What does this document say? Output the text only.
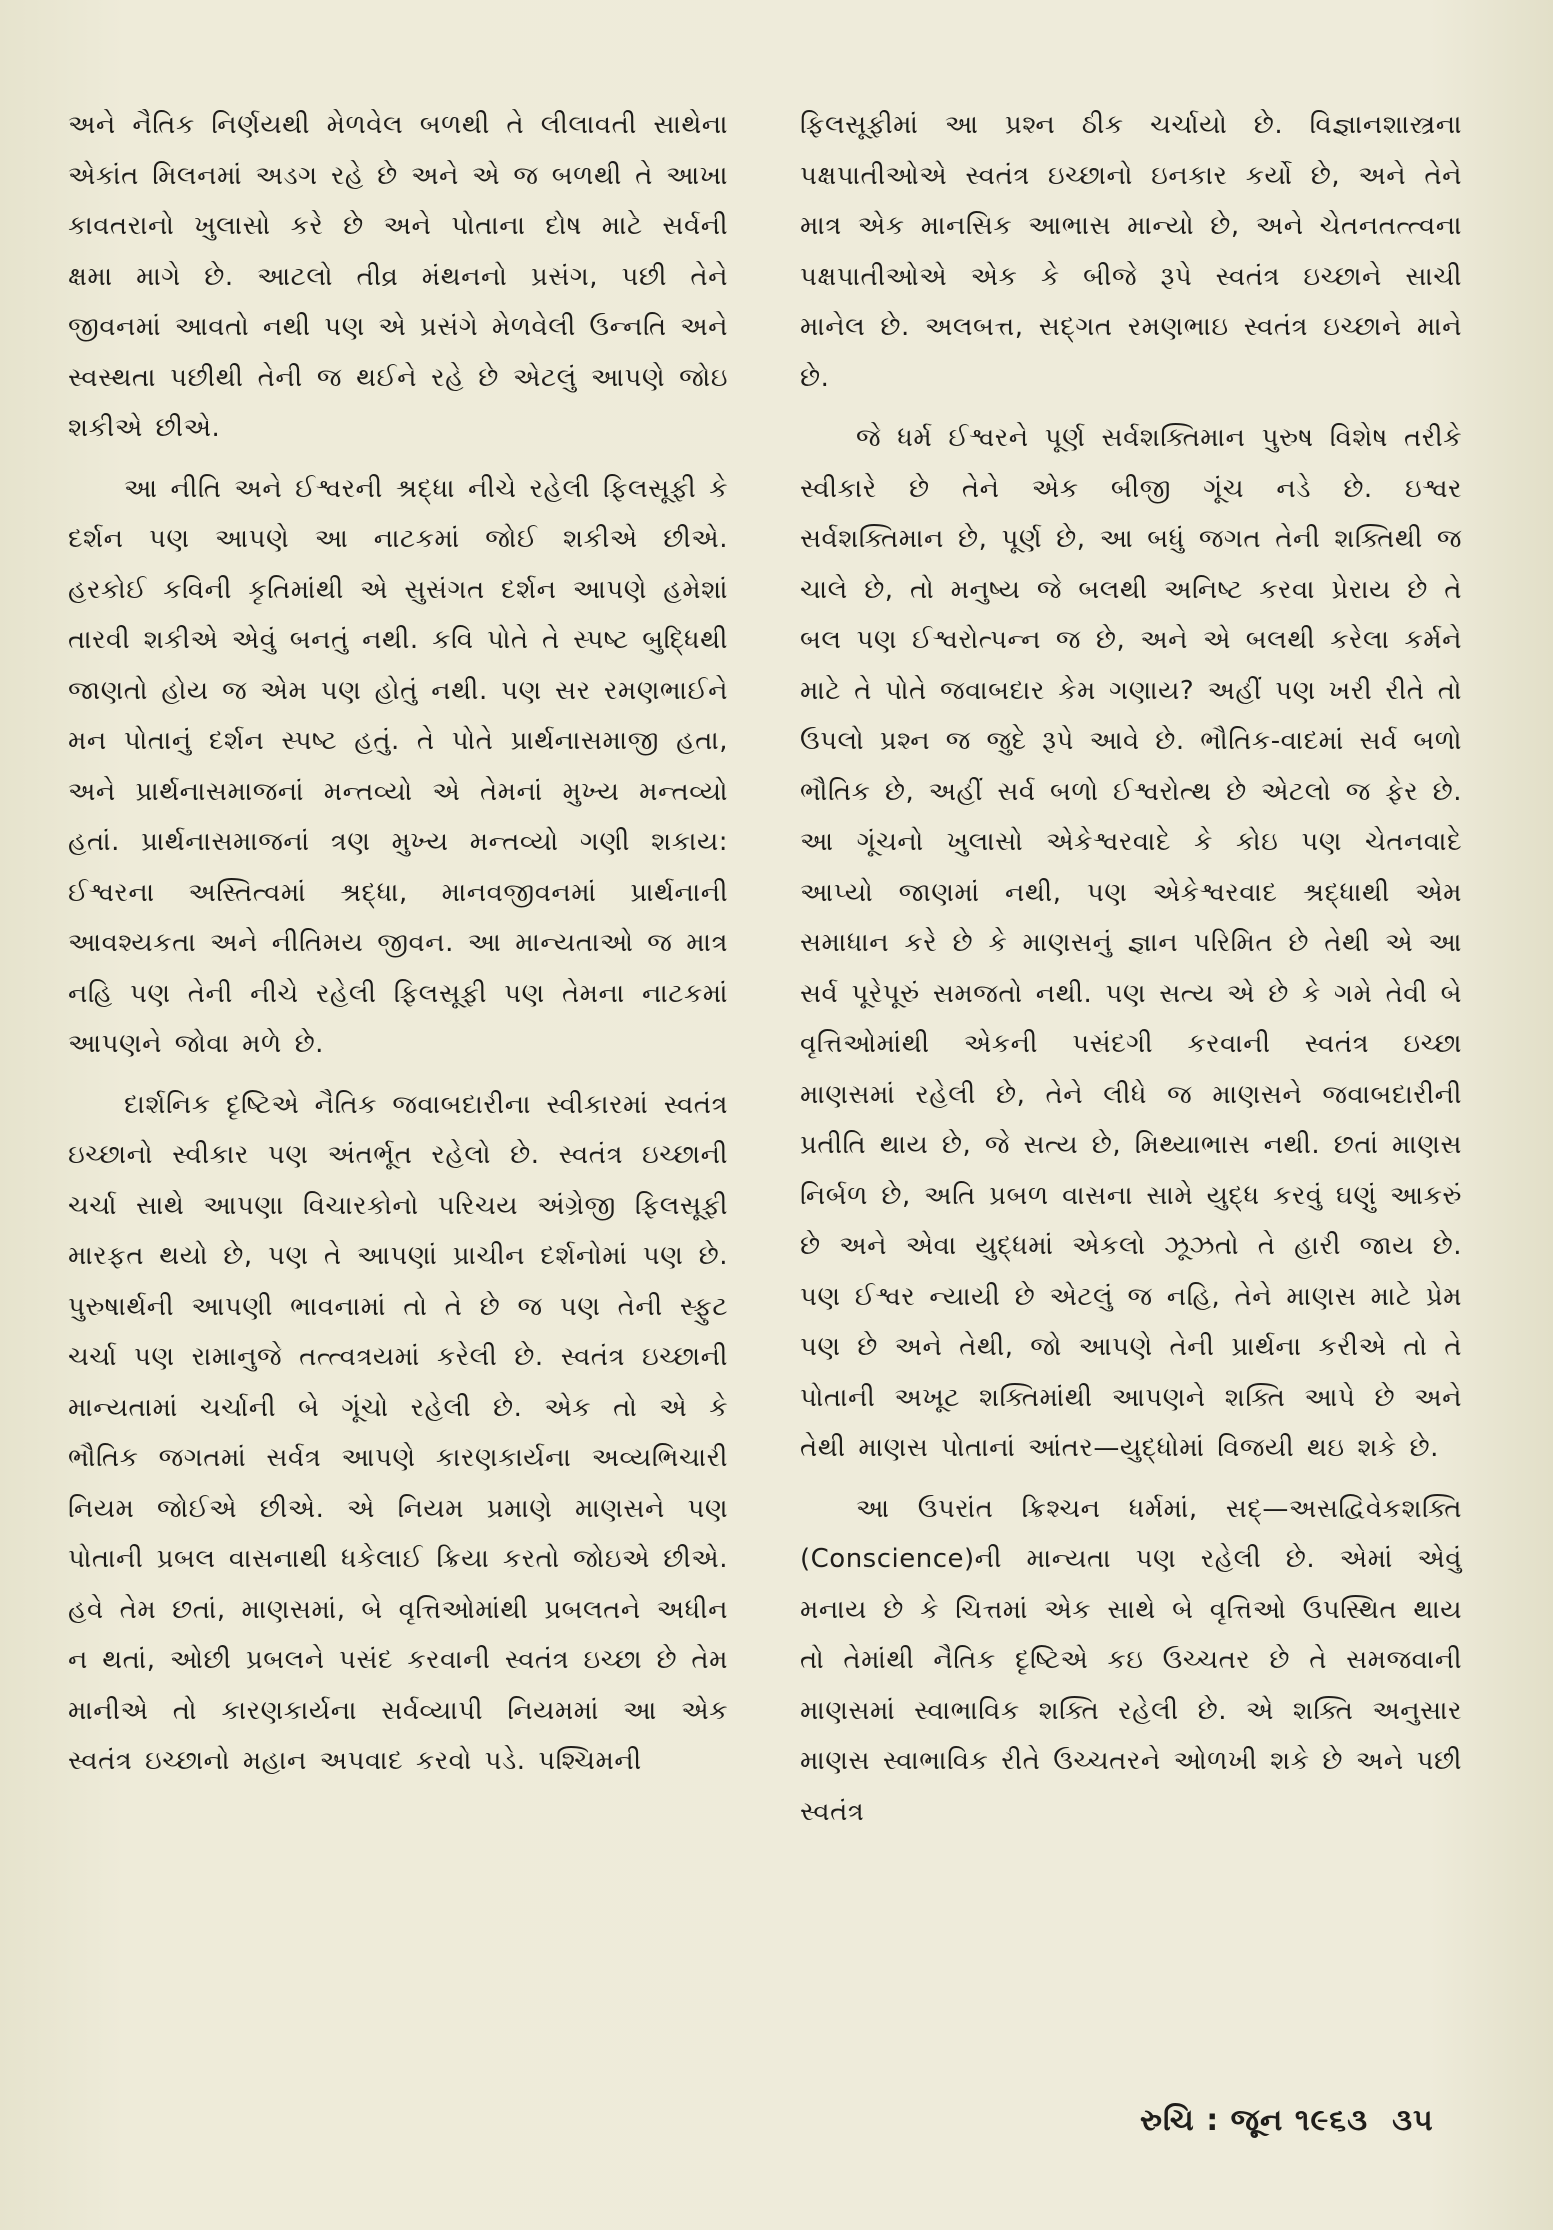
અને નૈતિક નિર્ણયથી મેળવેલ બળથી તે લીલાવતી સાથેના એકાંત મિલનમાં અડગ રહે છે અને એ જ બળથી તે આખા કાવતરાનો ખુલાસો કરે છે અને પોતાના દોષ માટે સર્વની ક્ષમા માગે છે. આટલો તીવ્ર મંથનનો પ્રસંગ, પછી તેને જીવનમાં આવતો નથી પણ એ પ્રસંગે મેળવેલી ઉન્નતિ અને સ્વસ્થતા પછીથી તેની જ થઈને રહે છે એટલું આપણે જોઇ શકીએ છીએ.

આ નીતિ અને ઈશ્વરની શ્રદ્ધા નીચે રહેલી ફિલસૂફી કે દર્શન પણ આપણે આ નાટકમાં જોઈ શકીએ છીએ. હરકોઈ કવિની કૃતિમાંથી એ સુસંગત દર્શન આપણે હમેશાં તારવી શકીએ એવું બનતું નથી. કવિ પોતે તે સ્પષ્ટ બુદ્ધિથી જાણતો હોય જ એમ પણ હોતું નથી. પણ સર રમણભાઈને મન પોતાનું દર્શન સ્પષ્ટ હતું. તે પોતે પ્રાર્થનાસમાજી હતા, અને પ્રાર્થનાસમાજનાં મન્તવ્યો એ તેમનાં મુખ્ય મન્તવ્યો હતાં. પ્રાર્થનાસમાજનાં ત્રણ મુખ્ય મન્તવ્યો ગણી શકાય: ઈશ્વરના અસ્તિત્વમાં શ્રદ્ધા, માનવજીવનમાં પ્રાર્થનાની આવશ્યકતા અને નીતિમય જીવન. આ માન્યતાઓ જ માત્ર નહિ પણ તેની નીચે રહેલી ફિલસૂફી પણ તેમના નાટકમાં આપણને જોવા મળે છે.

દાર્શનિક દૃષ્ટિએ નૈતિક જવાબદારીના સ્વીકારમાં સ્વતંત્ર ઇચ્છાનો સ્વીકાર પણ અંતર્ભૂત રહેલો છે. સ્વતંત્ર ઇચ્છાની ચર્ચા સાથે આપણા વિચારકોનો પરિચય અંગ્રેજી ફિલસૂફી મારફત થયો છે, પણ તે આપણાં પ્રાચીન દર્શનોમાં પણ છે. પુરુષાર્થની આપણી ભાવનામાં તો તે છે જ પણ તેની સ્ફુટ ચર્ચા પણ રામાનુજે તત્ત્વત્રયમાં કરેલી છે. સ્વતંત્ર ઇચ્છાની માન્યતામાં ચર્ચાની બે ગૂંચો રહેલી છે. એક તો એ કે ભૌતિક જગતમાં સર્વત્ર આપણે કારણકાર્યના અવ્યભિચારી નિયમ જોઈએ છીએ. એ નિયમ પ્રમાણે માણસને પણ પોતાની પ્રબલ વાસનાથી ધકેલાઈ ક્રિયા કરતો જોઇએ છીએ. હવે તેમ છતાં, માણસમાં, બે વૃત્તિઓમાંથી પ્રબલતને અધીન ન થતાં, ઓછી પ્રબલને પસંદ કરવાની સ્વતંત્ર ઇચ્છા છે તેમ માનીએ તો કારણકાર્યના સર્વવ્યાપી નિયમમાં આ એક સ્વતંત્ર ઇચ્છાનો મહાન અપવાદ કરવો પડે. પશ્ચિમની

ફિલસૂફીમાં આ પ્રશ્ન ઠીક ચર્ચાયો છે. વિજ્ઞાનશાસ્ત્રના પક્ષપાતીઓએ સ્વતંત્ર ઇચ્છાનો ઇનકાર કર્યો છે, અને તેને માત્ર એક માનસિક આભાસ માન્યો છે, અને ચેતનતત્ત્વના પક્ષપાતીઓએ એક કે બીજે રૂપે સ્વતંત્ર ઇચ્છાને સાચી માનેલ છે. અલબત્ત, સદ્ગત રમણભાઇ સ્વતંત્ર ઇચ્છાને માને છે.

જે ધર્મ ઈશ્વરને પૂર્ણ સર્વશક્તિમાન પુરુષ વિશેષ તરીકે સ્વીકારે છે તેને એક બીજી ગૂંચ નડે છે. ઇશ્વર સર્વશક્તિમાન છે, પૂર્ણ છે, આ બધું જગત તેની શક્તિથી જ ચાલે છે, તો મનુષ્ય જે બલથી અનિષ્ટ કરવા પ્રેરાય છે તે બલ પણ ઈશ્વરોત્પન્ન જ છે, અને એ બલથી કરેલા કર્મને માટે તે પોતે જવાબદાર કેમ ગણાય? અહીં પણ ખરી રીતે તો ઉપલો પ્રશ્ન જ જુદે રૂપે આવે છે. ભૌતિક-વાદમાં સર્વ બળો ભૌતિક છે, અહીં સર્વ બળો ઈશ્વરોત્થ છે એટલો જ ફેર છે. આ ગૂંચનો ખુલાસો એકેશ્વરવાદે કે કોઇ પણ ચેતનવાદે આપ્યો જાણમાં નથી, પણ એકેશ્વરવાદ શ્રદ્ધાથી એમ સમાધાન કરે છે કે માણસનું જ્ઞાન પરિમિત છે તેથી એ આ સર્વ પૂરેપૂરું સમજતો નથી. પણ સત્ય એ છે કે ગમે તેવી બે વૃત્તિઓમાંથી એકની પસંદગી કરવાની સ્વતંત્ર ઇચ્છા માણસમાં રહેલી છે, તેને લીધે જ માણસને જવાબદારીની પ્રતીતિ થાય છે, જે સત્ય છે, મિથ્યાભાસ નથી. છતાં માણસ નિર્બળ છે, અતિ પ્રબળ વાસના સામે યુદ્ધ કરવું ઘણું આકરું છે અને એવા યુદ્ધમાં એકલો ઝૂઝતો તે હારી જાય છે. પણ ઈશ્વર ન્યાયી છે એટલું જ નહિ, તેને માણસ માટે પ્રેમ પણ છે અને તેથી, જો આપણે તેની પ્રાર્થના કરીએ તો તે પોતાની અખૂટ શક્તિમાંથી આપણને શક્તિ આપે છે અને તેથી માણસ પોતાનાં આંતર—યુદ્ધોમાં વિજયી થઇ શકે છે.

આ ઉપરાંત ક્રિશ્ચન ધર્મમાં, સદ્—અસદ્વિવેકશક્તિ (Conscience)ની માન્યતા પણ રહેલી છે. એમાં એવું મનાય છે કે ચિત્તમાં એક સાથે બે વૃત્તિઓ ઉપસ્થિત થાય તો તેમાંથી નૈતિક દૃષ્ટિએ કઇ ઉચ્ચતર છે તે સમજવાની માણસમાં સ્વાભાવિક શક્તિ રહેલી છે. એ શક્તિ અનુસાર માણસ સ્વાભાવિક રીતે ઉચ્ચતરને ઓળખી શકે છે અને પછી સ્વતંત્ર

રુચિ : જૂન ૧૯૬૩ ૩૫
